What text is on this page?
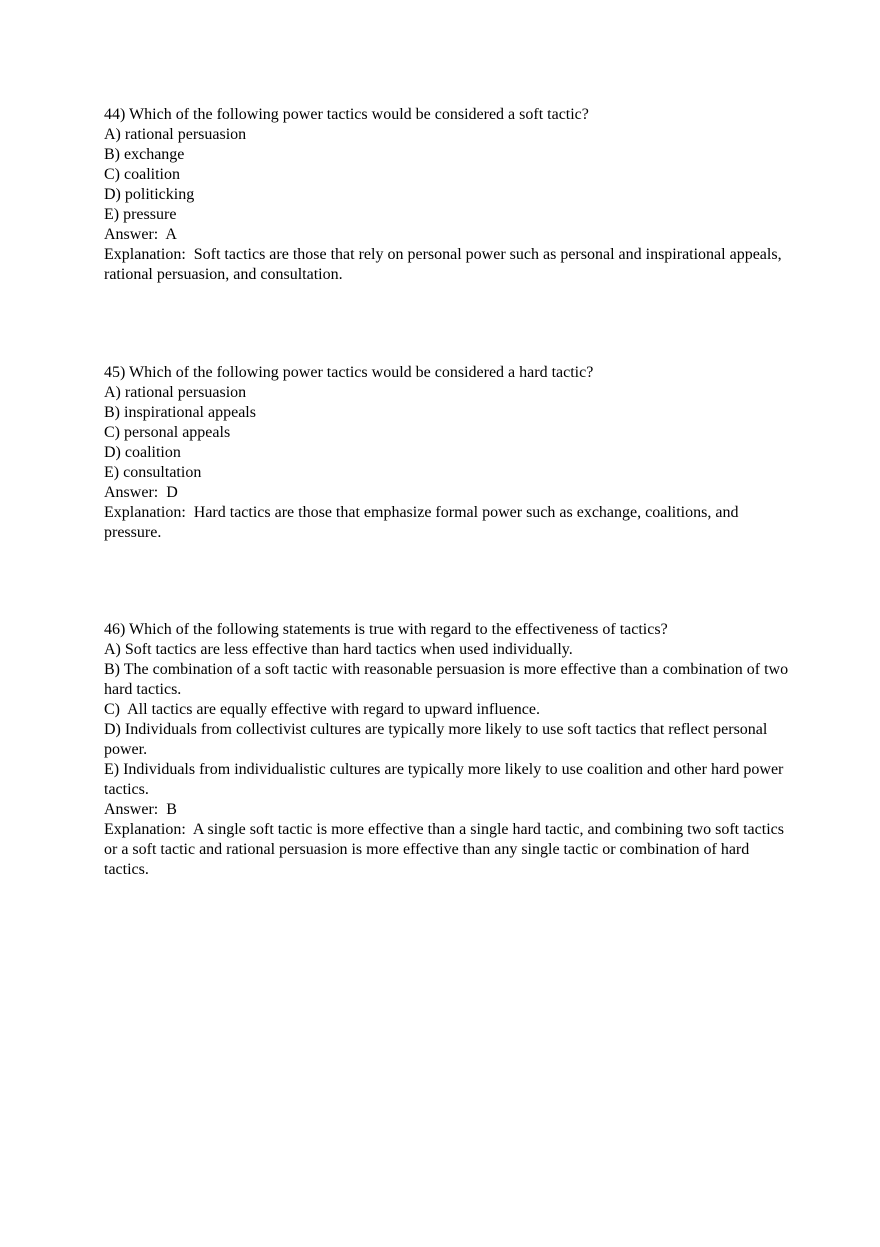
44) Which of the following power tactics would be considered a soft tactic?
A) rational persuasion
B) exchange
C) coalition
D) politicking
E) pressure
Answer:  A
Explanation:  Soft tactics are those that rely on personal power such as personal and inspirational appeals, rational persuasion, and consultation.
45) Which of the following power tactics would be considered a hard tactic?
A) rational persuasion
B) inspirational appeals
C) personal appeals
D) coalition
E) consultation
Answer:  D
Explanation:  Hard tactics are those that emphasize formal power such as exchange, coalitions, and pressure.
46) Which of the following statements is true with regard to the effectiveness of tactics?
A) Soft tactics are less effective than hard tactics when used individually.
B) The combination of a soft tactic with reasonable persuasion is more effective than a combination of two hard tactics.
C)  All tactics are equally effective with regard to upward influence.
D) Individuals from collectivist cultures are typically more likely to use soft tactics that reflect personal power.
E) Individuals from individualistic cultures are typically more likely to use coalition and other hard power tactics.
Answer:  B
Explanation:  A single soft tactic is more effective than a single hard tactic, and combining two soft tactics or a soft tactic and rational persuasion is more effective than any single tactic or combination of hard tactics.
